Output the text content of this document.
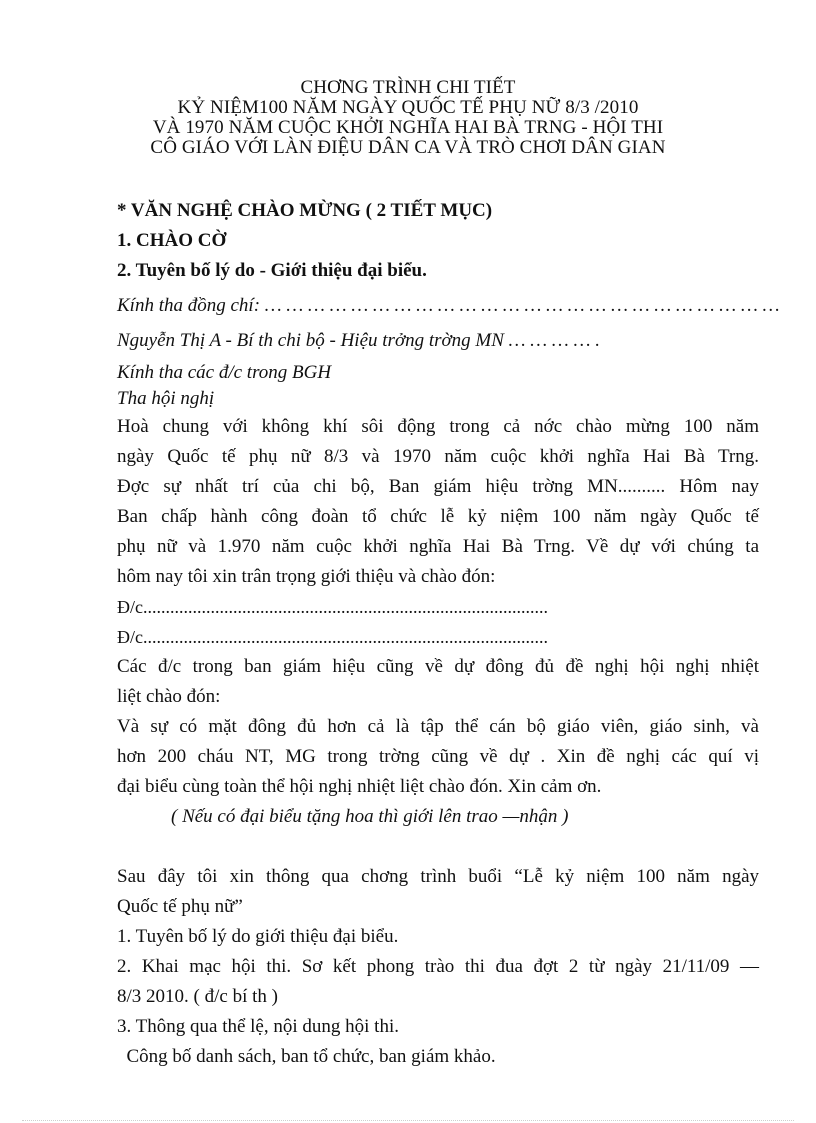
CHƠNG TRÌNH CHI TIẾT
KỶ NIỆM100 NĂM NGÀY QUỐC TẾ PHỤ NỮ 8/3 /2010
VÀ 1970 NĂM CUỘC KHỞI NGHĨA HAI BÀ TRNG - HỘI THI
CÔ GIÁO VỚI LÀN ĐIỆU DÂN CA VÀ TRÒ CHƠI DÂN GIAN
* VĂN NGHỆ CHÀO MỪNG ( 2 TIẾT MỤC)
1. CHÀO CỜ
2. Tuyên bố lý do - Giới thiệu đại biểu.
Kính tha đồng chí: … … … … … … … … … … … … … … … … … … … … … … … …
Nguyễn Thị A - Bí th chi bộ - Hiệu trởng trờng MN … … … … .
Kính tha các đ/c trong BGH
Tha hội nghị
Hoà chung với không khí sôi động trong cả nớc chào mừng 100 năm
ngày Quốc tế phụ nữ 8/3 và 1970 năm cuộc khởi nghĩa Hai Bà Trng.
Đợc sự nhất trí của chi bộ, Ban giám hiệu trờng MN.......... Hôm nay
Ban chấp hành công đoàn tổ chức lễ kỷ niệm 100 năm ngày Quốc tế
phụ nữ và 1.970 năm cuộc khởi nghĩa Hai Bà Trng. Về dự với chúng ta
hôm nay tôi xin trân trọng giới thiệu và chào đón:
Đ/c..........................................................................................
Đ/c..........................................................................................
Các đ/c trong ban giám hiệu cũng về dự đông đủ đề nghị hội nghị nhiệt
liệt chào đón:
Và sự có mặt đông đủ hơn cả là tập thể cán bộ giáo viên, giáo sinh, và
hơn 200 cháu NT, MG trong trờng cũng về dự . Xin đề nghị các quí vị
đại biểu cùng toàn thể hội nghị nhiệt liệt chào đón. Xin cảm ơn.
( Nếu có đại biểu tặng hoa thì giới lên trao —nhận )
Sau đây tôi xin thông qua chơng trình buổi “Lễ kỷ niệm 100 năm ngày
Quốc tế phụ nữ”
1. Tuyên bố lý do giới thiệu đại biểu.
2. Khai mạc hội thi. Sơ kết phong trào thi đua đợt 2 từ ngày 21/11/09 —
8/3 2010. ( đ/c bí th )
3. Thông qua thể lệ, nội dung hội thi.
Công bố danh sách, ban tổ chức, ban giám khảo.
